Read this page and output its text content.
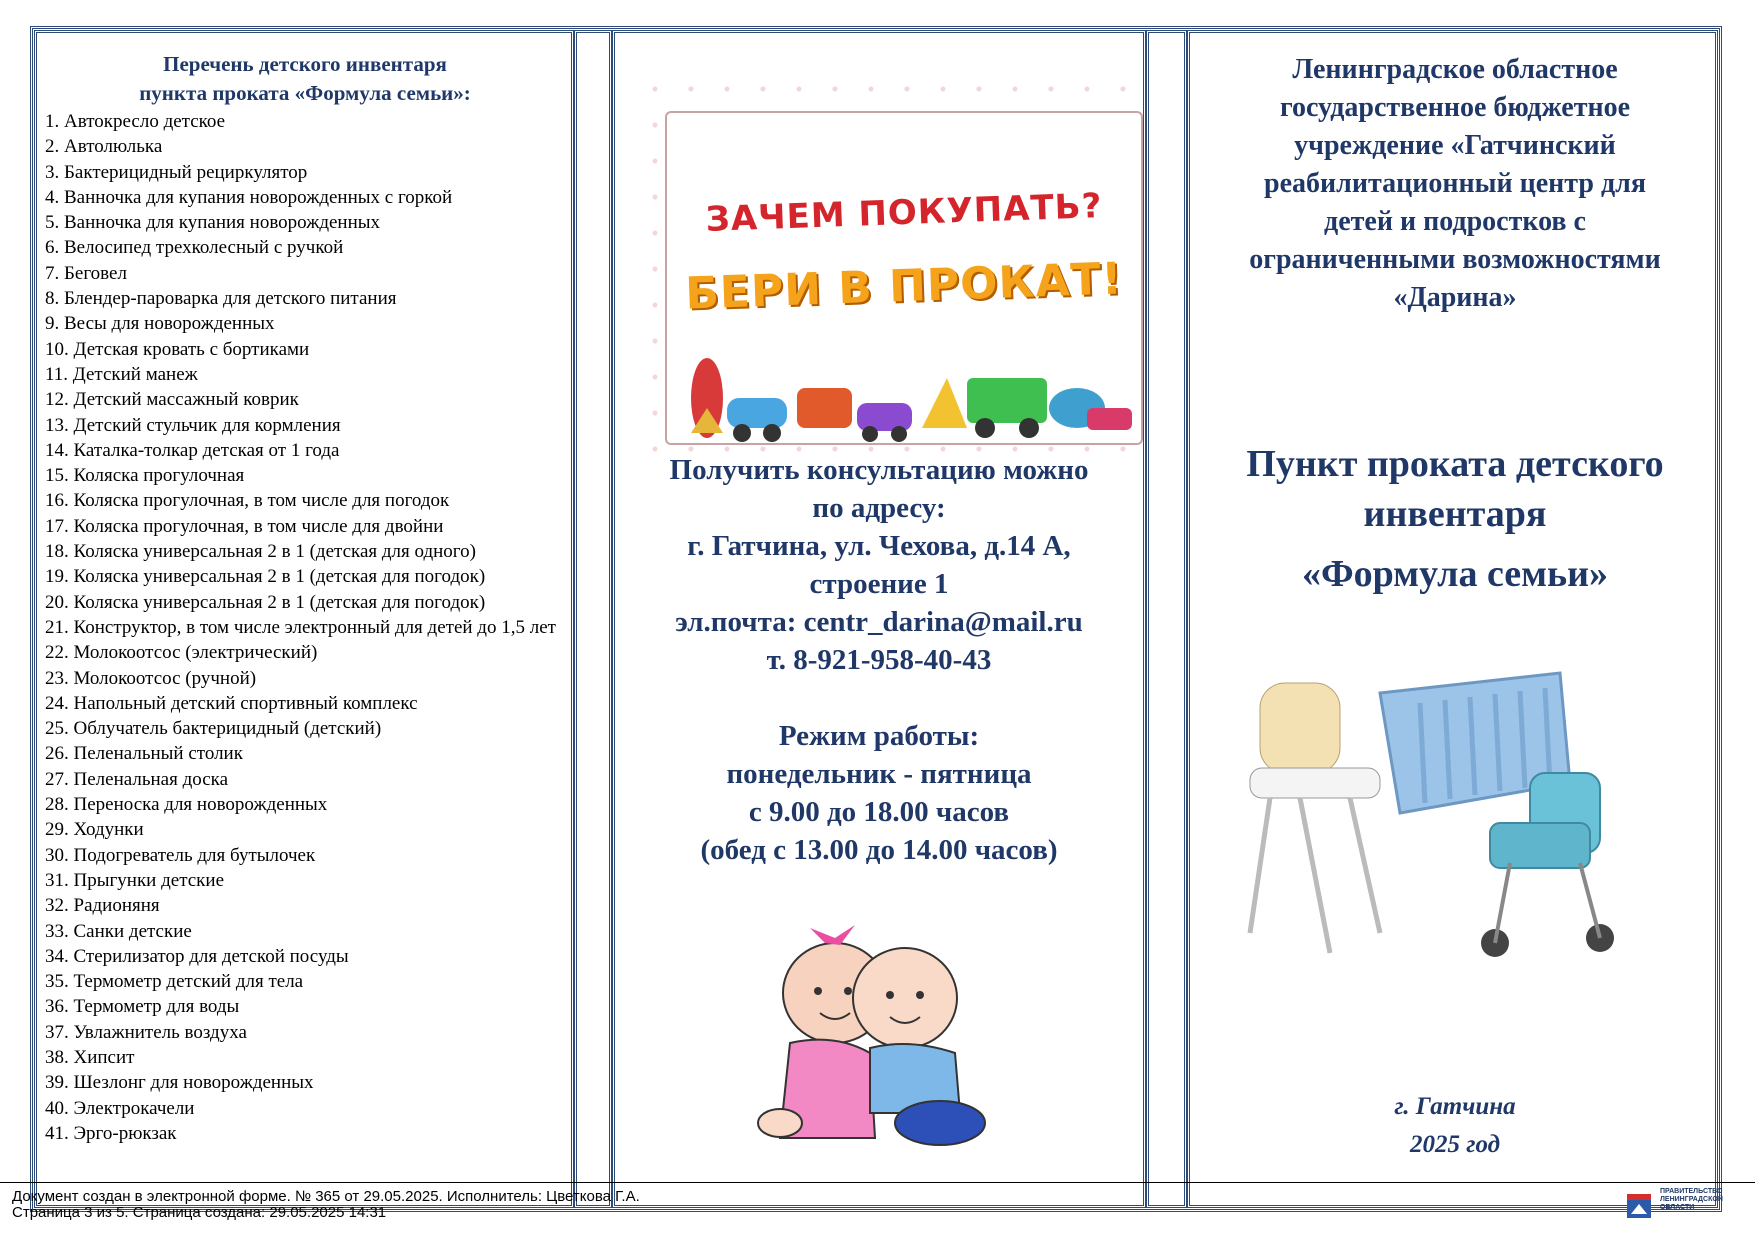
Перечень детского инвентаря
пункта проката «Формула семьи»:
1. Автокресло детское
2. Автолюлька
3. Бактерицидный рециркулятор
4. Ванночка для купания новорожденных с горкой
5. Ванночка для купания новорожденных
6. Велосипед трехколесный с ручкой
7. Беговел
8. Блендер-пароварка для детского питания
9. Весы для новорожденных
10. Детская кровать с бортиками
11. Детский манеж
12. Детский массажный коврик
13. Детский стульчик для кормления
14. Каталка-толкар детская от 1 года
15. Коляска прогулочная
16. Коляска прогулочная, в том числе для погодок
17. Коляска прогулочная, в том числе для двойни
18. Коляска универсальная 2 в 1 (детская для одного)
19. Коляска универсальная 2 в 1 (детская для погодок)
20. Коляска универсальная 2 в 1 (детская для погодок)
21. Конструктор, в том числе электронный для детей до 1,5 лет
22. Молокоотсос (электрический)
23. Молокоотсос (ручной)
24. Напольный детский спортивный комплекс
25. Облучатель бактерицидный (детский)
26. Пеленальный столик
27. Пеленальная доска
28. Переноска для новорожденных
29. Ходунки
30. Подогреватель для бутылочек
31. Прыгунки детские
32. Радионяня
33. Санки детские
34. Стерилизатор для детской посуды
35. Термометр детский для тела
36. Термометр для воды
37. Увлажнитель воздуха
38. Хипсит
39. Шезлонг для новорожденных
40. Электрокачели
41. Эрго-рюкзак
ЗАЧЕМ ПОКУПАТЬ?
БЕРИ В ПРОКАТ!
Получить консультацию можно
по адресу:
г. Гатчина, ул. Чехова, д.14 А,
строение 1
эл.почта: centr_darina@mail.ru
т. 8-921-958-40-43
Режим работы:
понедельник - пятница
с 9.00 до 18.00 часов
(обед с 13.00 до 14.00 часов)
Ленинградское областное
государственное бюджетное
учреждение «Гатчинский
реабилитационный центр для
детей и подростков с
ограниченными возможностями
«Дарина»
Пункт проката детского
инвентаря
«Формула семьи»
г. Гатчина
2025 год
Документ создан в электронной форме. № 365 от 29.05.2025. Исполнитель: Цветкова Г.А.
Страница 3 из 5. Страница создана: 29.05.2025 14:31
ПРАВИТЕЛЬСТВО
ЛЕНИНГРАДСКОЙ
ОБЛАСТИ
